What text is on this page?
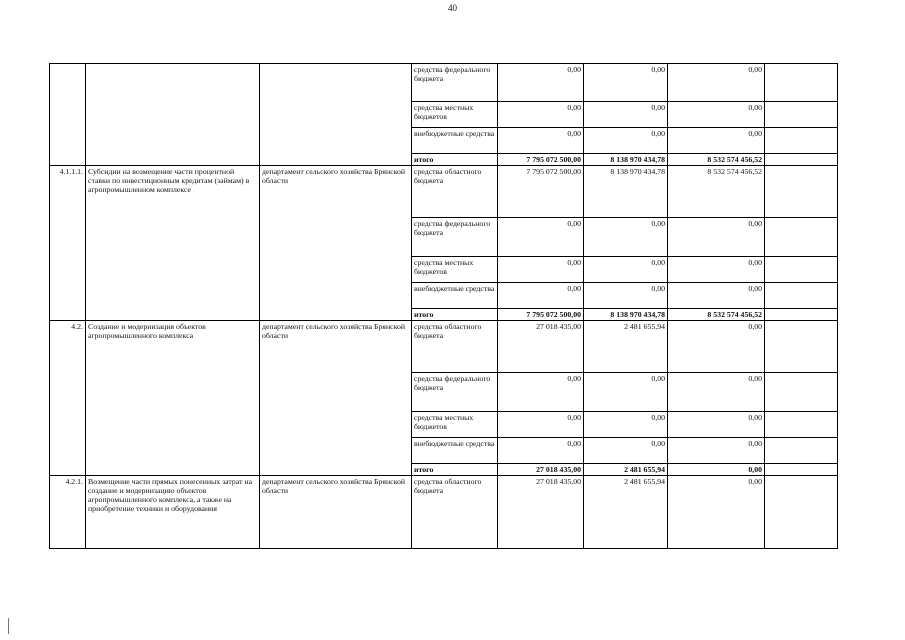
40
			средства федерального бюджета	0,00	0,00	0,00	
			средства местных бюджетов	0,00	0,00	0,00	
			внебюджетные средства	0,00	0,00	0,00	
			итого	7 795 072 500,00	8 138 970 434,78	8 532 574 456,52	
4.1.1.1.	Субсидии на возмещение части процентной ставки по инвестиционным кредитам (займам) в агропромышленном комплексе	департамент сельского хозяйства Брянской области	средства областного бюджета	7 795 072 500,00	8 138 970 434,78	8 532 574 456,52	
			средства федерального бюджета	0,00	0,00	0,00	
			средства местных бюджетов	0,00	0,00	0,00	
			внебюджетные средства	0,00	0,00	0,00	
			итого	7 795 072 500,00	8 138 970 434,78	8 532 574 456,52	
4.2.	Создание и модернизация объектов агропромышленного комплекса	департамент сельского хозяйства Брянской области	средства областного бюджета	27 018 435,00	2 481 655,94	0,00	
			средства федерального бюджета	0,00	0,00	0,00	
			средства местных бюджетов	0,00	0,00	0,00	
			внебюджетные средства	0,00	0,00	0,00	
			итого	27 018 435,00	2 481 655,94	0,00	
4.2.1.	Возмещение части прямых понесенных затрат на создание и модернизацию объектов агропромышленного комплекса, а также на приобретение техники и оборудования	департамент сельского хозяйства Брянской области	средства областного бюджета	27 018 435,00	2 481 655,94	0,00	
